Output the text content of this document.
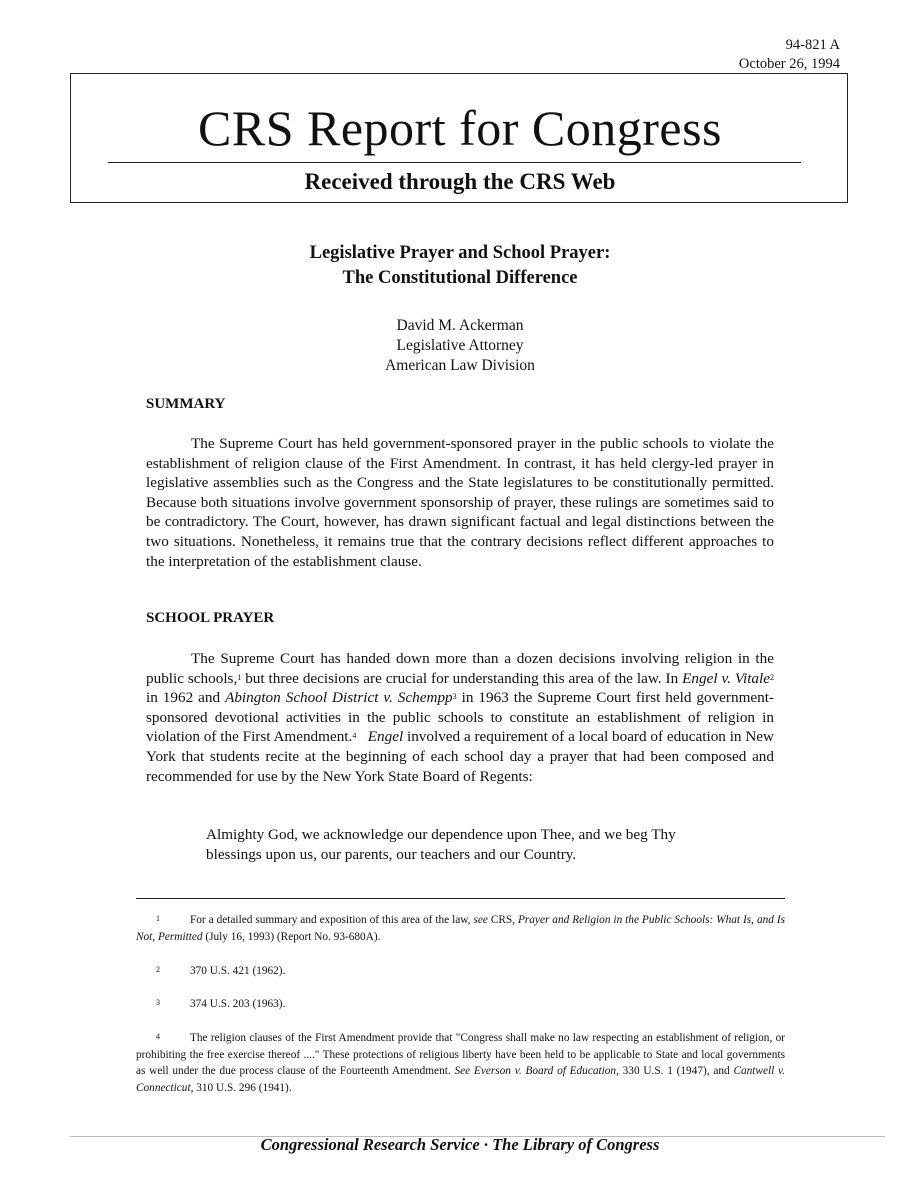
94-821 A
October 26, 1994
CRS Report for Congress
Received through the CRS Web
Legislative Prayer and School Prayer:
The Constitutional Difference
David M. Ackerman
Legislative Attorney
American Law Division
SUMMARY

The Supreme Court has held government-sponsored prayer in the public schools to violate the establishment of religion clause of the First Amendment. In contrast, it has held clergy-led prayer in legislative assemblies such as the Congress and the State legislatures to be constitutionally permitted. Because both situations involve government sponsorship of prayer, these rulings are sometimes said to be contradictory. The Court, however, has drawn significant factual and legal distinctions between the two situations. Nonetheless, it remains true that the contrary decisions reflect different approaches to the interpretation of the establishment clause.

SCHOOL PRAYER

The Supreme Court has handed down more than a dozen decisions involving religion in the public schools,$^1$ but three decisions are crucial for understanding this area of the law. In Engel v. Vitale$^2$ in 1962 and Abington School District v. Schempp$^3$ in 1963 the Supreme Court first held government-sponsored devotional activities in the public schools to constitute an establishment of religion in violation of the First Amendment.$^4$ Engel involved a requirement of a local board of education in New York that students recite at the beginning of each school day a prayer that had been composed and recommended for use by the New York State Board of Regents:

Almighty God, we acknowledge our dependence upon Thee, and we beg Thy
blessings upon us, our parents, our teachers and our Country.

$^1$	For a detailed summary and exposition of this area of the law, see CRS, Prayer and Religion in the Public Schools: What Is, and Is Not, Permitted (July 16, 1993) (Report No. 93-680A).

$^2$	370 U.S. 421 (1962).

$^3$	374 U.S. 203 (1963).

$^4$	The religion clauses of the First Amendment provide that "Congress shall make no law respecting an establishment of religion, or prohibiting the free exercise thereof ...." These protections of religious liberty have been held to be applicable to State and local governments as well under the due process clause of the Fourteenth Amendment. See Everson v. Board of Education, 330 U.S. 1 (1947), and Cantwell v. Connecticut, 310 U.S. 296 (1941).

Congressional Research Service · The Library of Congress
